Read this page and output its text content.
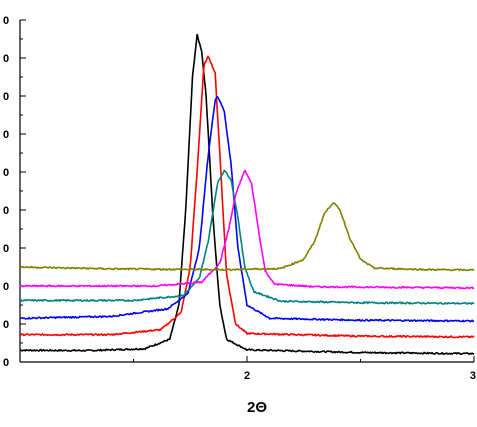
0
0
0
0
0
0
0
0
0
0
2	3
2Θ
